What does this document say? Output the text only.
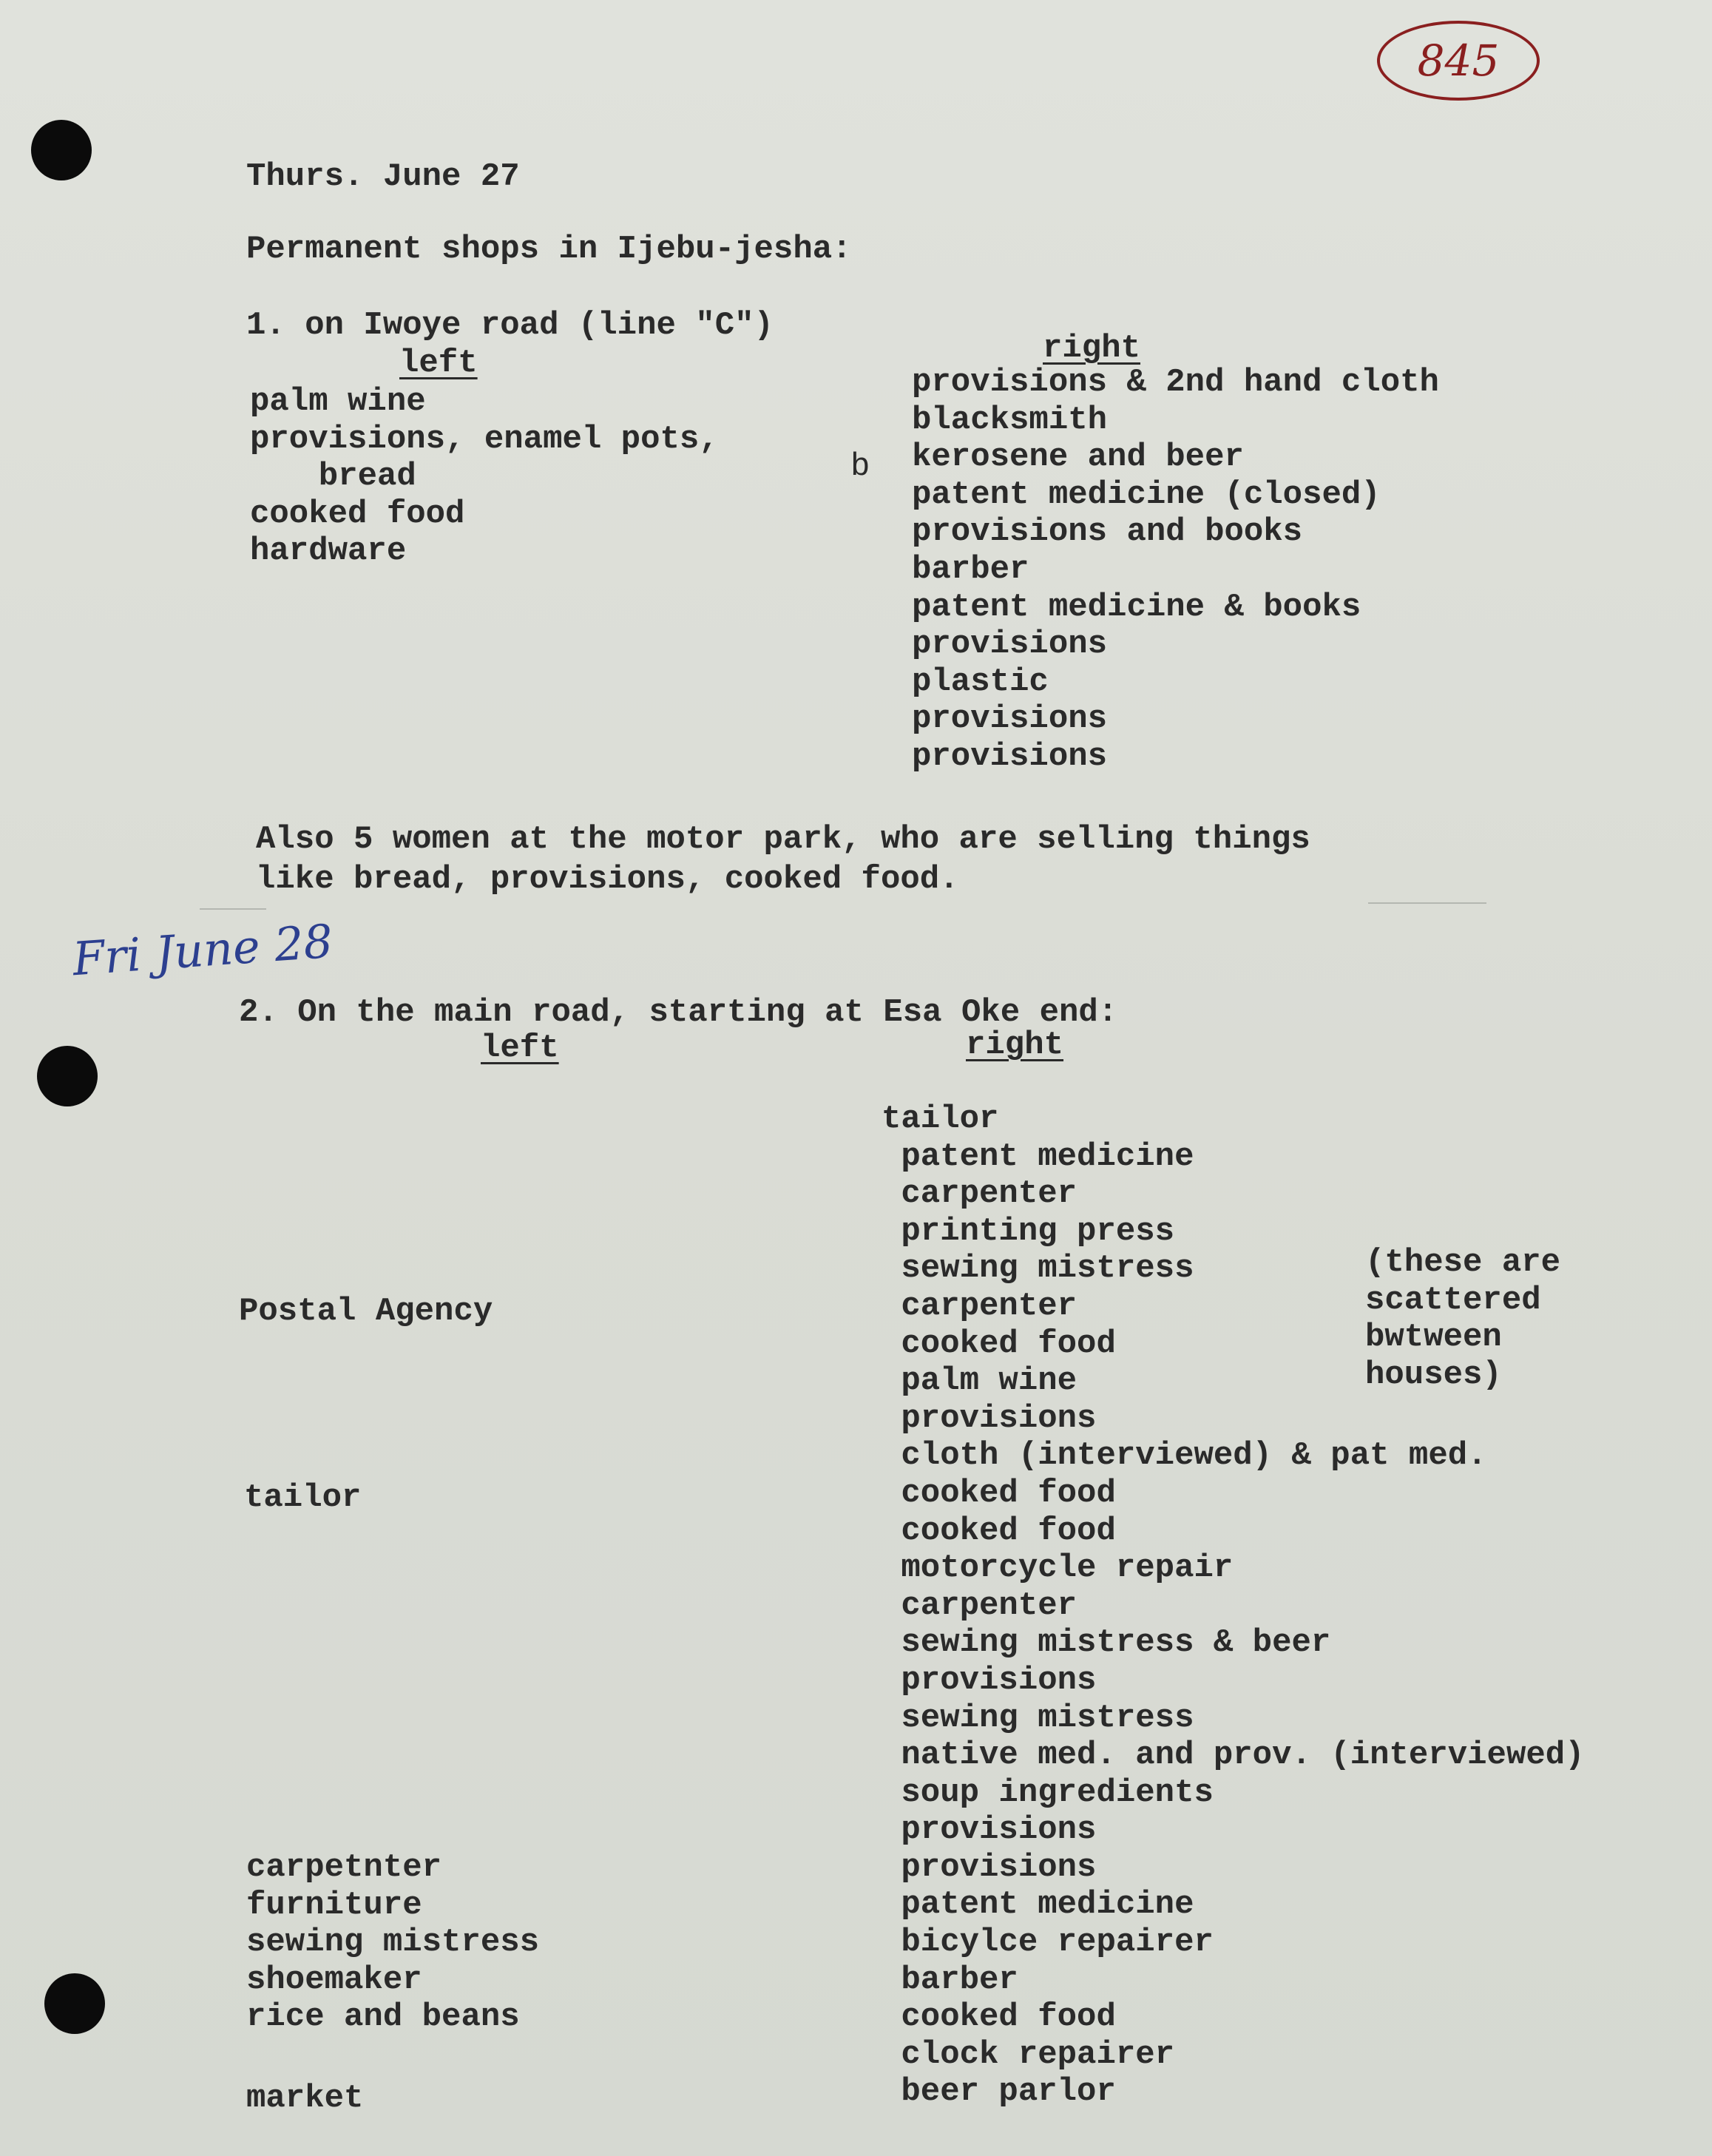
845
Thurs. June 27
Permanent shops in Ijebu-jesha:
1. on Iwoye road (line "C")
left	right
palm wine
provisions, enamel pots,
bread
cooked food
hardware
b
provisions & 2nd hand cloth
blacksmith
kerosene and beer
patent medicine (closed)
provisions and books
barber
patent medicine & books
provisions
plastic
provisions
provisions
Also 5 women at the motor park, who are selling things
like bread, provisions, cooked food.
Fri June 28
2. On the main road, starting at Esa Oke end:
left	right
tailor
patent medicine
carpenter
printing press
sewing mistress
carpenter
cooked food
palm wine
provisions
cloth (interviewed) & pat med.
cooked food
cooked food
motorcycle repair
carpenter
sewing mistress & beer
provisions
sewing mistress
native med. and prov. (interviewed)
soup ingredients
provisions
provisions
patent medicine
bicylce repairer
barber
cooked food
clock repairer
beer parlor
(these are
scattered
bwtween
houses)
Postal Agency
tailor
carpetnter
furniture
sewing mistress
shoemaker
rice and beans
market
